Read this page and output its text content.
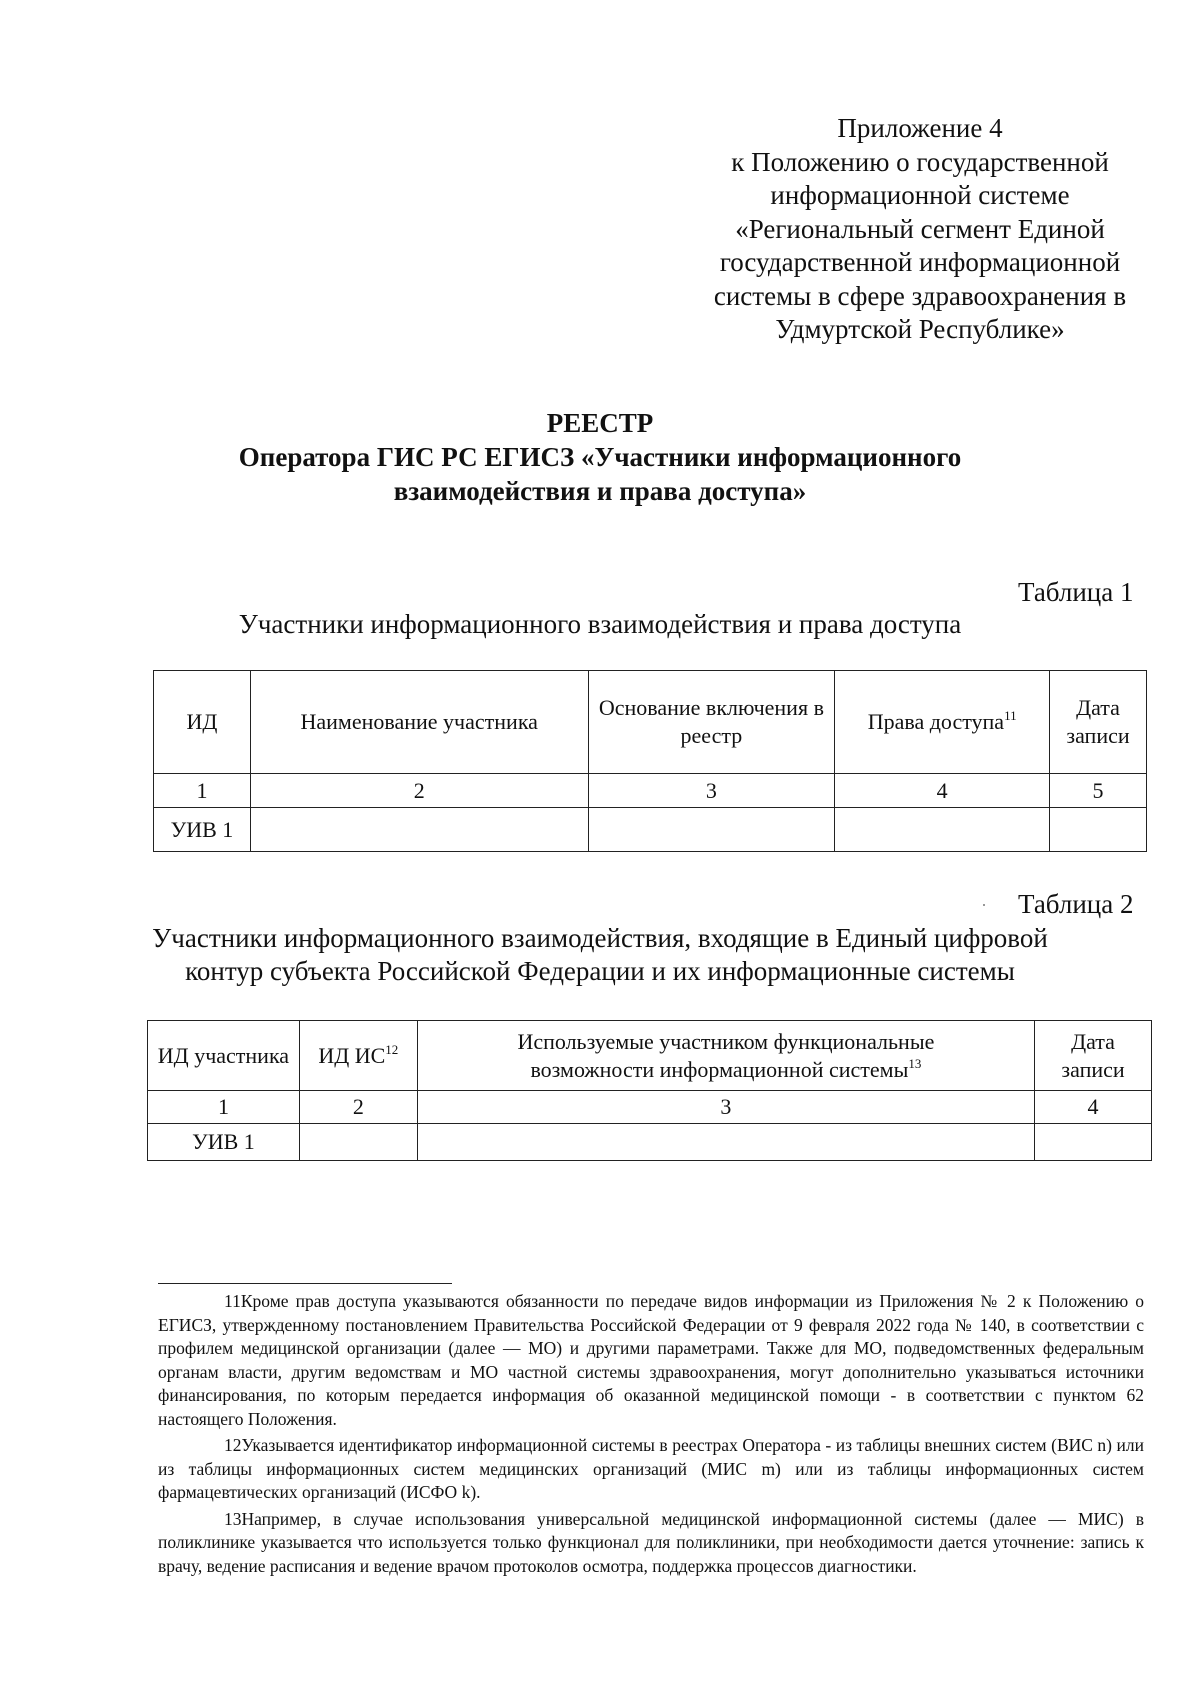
Приложение 4
к Положению о государственной
информационной системе
«Региональный сегмент Единой
государственной информационной
системы в сфере здравоохранения в
Удмуртской Республике»
РЕЕСТР
Оператора ГИС РС ЕГИСЗ «Участники информационного
взаимодействия и права доступа»
Таблица 1
Участники информационного взаимодействия и права доступа
ИД	Наименование участника	Основание включения в реестр	Права доступа$^{11}$	Дата записи
1	2	3	4	5
УИВ 1				
Таблица 2
Участники информационного взаимодействия, входящие в Единый цифровой
контур субъекта Российской Федерации и их информационные системы
ИД участника	ИД ИС$^{12}$	Используемые участником функциональные возможности информационной системы$^{13}$	Дата записи
1	2	3	4
УИВ 1			

11Кроме прав доступа указываются обязанности по передаче видов информации из Приложения № 2 к Положению о ЕГИСЗ, утвержденному постановлением Правительства Российской Федерации от 9 февраля 2022 года № 140, в соответствии с профилем медицинской организации (далее — МО) и другими параметрами. Также для МО, подведомственных федеральным органам власти, другим ведомствам и МО частной системы здравоохранения, могут дополнительно указываться источники финансирования, по которым передается информация об оказанной медицинской помощи - в соответствии с пунктом 62 настоящего Положения.

12Указывается идентификатор информационной системы в реестрах Оператора - из таблицы внешних систем (ВИС n) или из таблицы информационных систем медицинских организаций (МИС m) или из таблицы информационных систем фармацевтических организаций (ИСФО k).

13Например, в случае использования универсальной медицинской информационной системы (далее — МИС) в поликлинике указывается что используется только функционал для поликлиники, при необходимости дается уточнение: запись к врачу, ведение расписания и ведение врачом протоколов осмотра, поддержка процессов диагностики.
